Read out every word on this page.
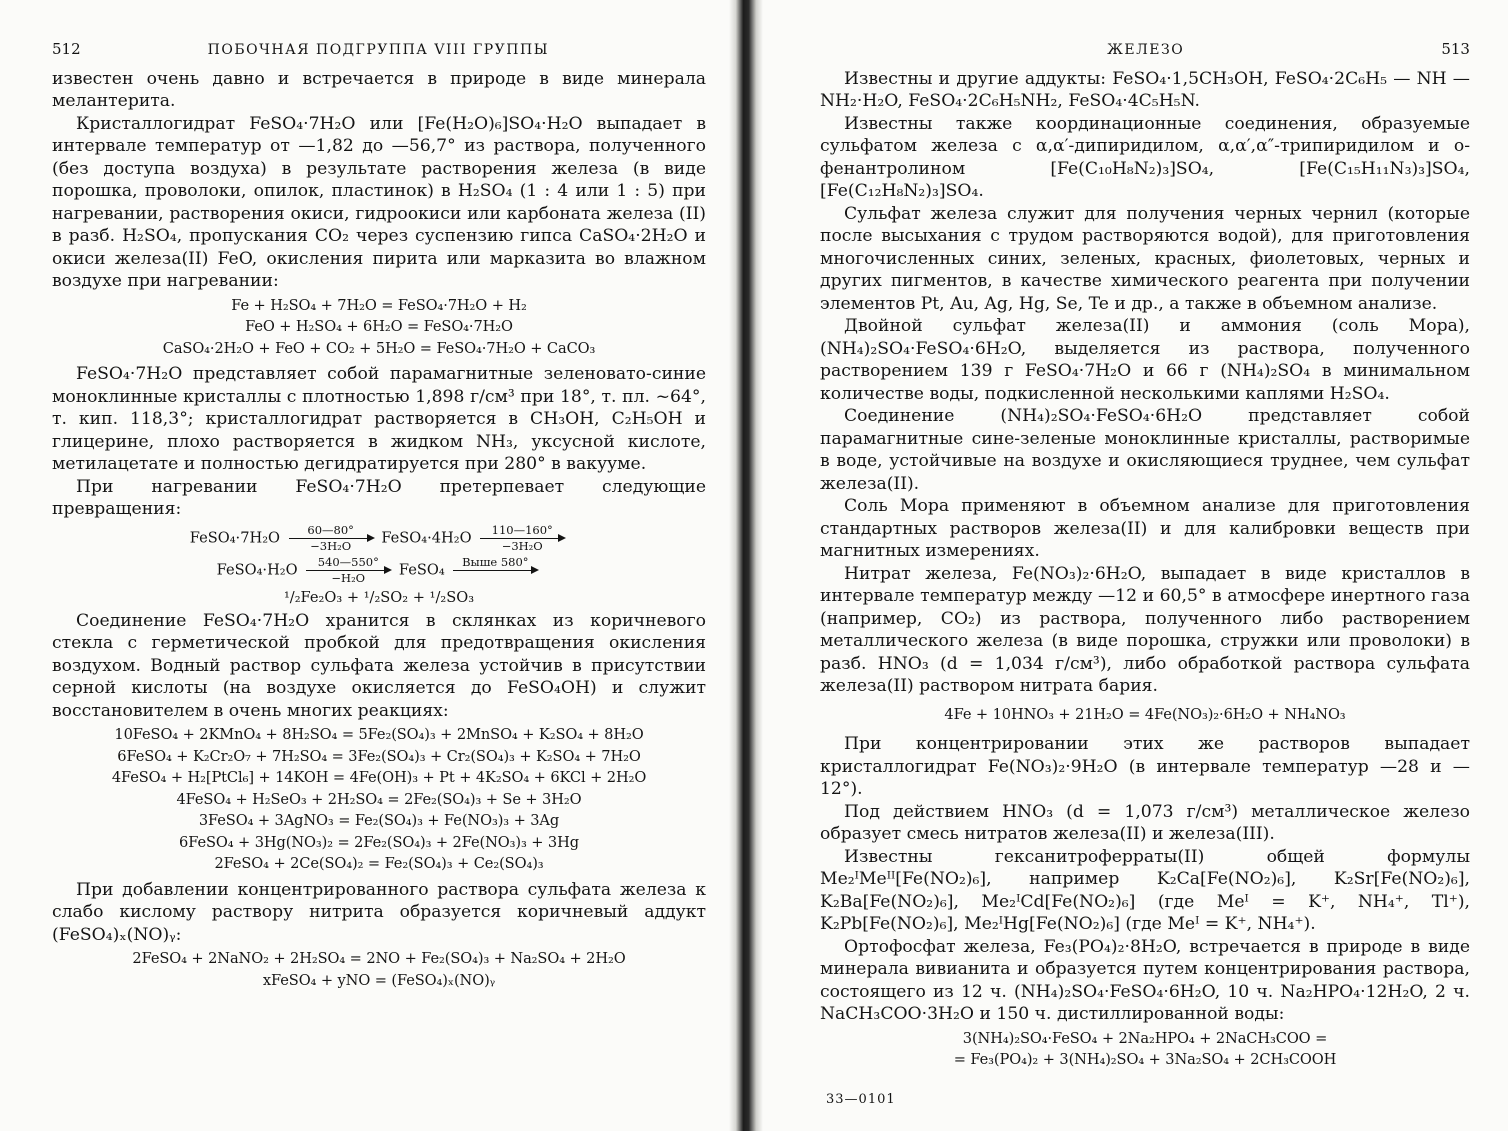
512	ПОБОЧНАЯ ПОДГРУППА VIII ГРУППЫ

известен очень давно и встречается в природе в виде минерала мелантерита.

Кристаллогидрат FeSO₄·7H₂O или [Fe(H₂O)₆]SO₄·H₂O выпадает в интервале температур от —1,82 до —56,7° из раствора, полученного (без доступа воздуха) в результате растворения железа (в виде порошка, проволоки, опилок, пластинок) в H₂SO₄ (1 : 4 или 1 : 5) при нагревании, растворения окиси, гидроокиси или карбоната железа (II) в разб. H₂SO₄, пропускания CO₂ через суспензию гипса CaSO₄·2H₂O и окиси железа(II) FeO, окисления пирита или марказита во влажном воздухе при нагревании:

Fe + H₂SO₄ + 7H₂O = FeSO₄·7H₂O + H₂
FeO + H₂SO₄ + 6H₂O = FeSO₄·7H₂O
CaSO₄·2H₂O + FeO + CO₂ + 5H₂O = FeSO₄·7H₂O + CaCO₃

FeSO₄·7H₂O представляет собой парамагнитные зеленовато-синие моноклинные кристаллы с плотностью 1,898 г/см³ при 18°, т. пл. ~64°, т. кип. 118,3°; кристаллогидрат растворяется в CH₃OH, C₂H₅OH и глицерине, плохо растворяется в жидком NH₃, уксусной кислоте, метилацетате и полностью дегидратируется при 280° в вакууме.

При нагревании FeSO₄·7H₂O претерпевает следующие превращения:

FeSO₄·7H₂O $\frac{60—80^\circ}{\text{−3H₂O}}$ FeSO₄·4H₂O $\frac{110—160^\circ}{\text{−3H₂O}}$
FeSO₄·H₂O $\frac{540—550^\circ}{\text{−H₂O}}$ FeSO₄	Выше 580°

¹/₂Fe₂O₃ + ¹/₂SO₂ + ¹/₂SO₃

Соединение FeSO₄·7H₂O хранится в склянках из коричневого стекла с герметической пробкой для предотвращения окисления воздухом. Водный раствор сульфата железа устойчив в присутствии серной кислоты (на воздухе окисляется до FeSO₄OH) и служит восстановителем в очень многих реакциях:

10FeSO₄ + 2KMnO₄ + 8H₂SO₄ = 5Fe₂(SO₄)₃ + 2MnSO₄ + K₂SO₄ + 8H₂O
6FeSO₄ + K₂Cr₂O₇ + 7H₂SO₄ = 3Fe₂(SO₄)₃ + Cr₂(SO₄)₃ + K₂SO₄ + 7H₂O
4FeSO₄ + H₂[PtCl₆] + 14KOH = 4Fe(OH)₃ + Pt + 4K₂SO₄ + 6KCl + 2H₂O
4FeSO₄ + H₂SeO₃ + 2H₂SO₄ = 2Fe₂(SO₄)₃ + Se + 3H₂O
3FeSO₄ + 3AgNO₃ = Fe₂(SO₄)₃ + Fe(NO₃)₃ + 3Ag
6FeSO₄ + 3Hg(NO₃)₂ = 2Fe₂(SO₄)₃ + 2Fe(NO₃)₃ + 3Hg
2FeSO₄ + 2Ce(SO₄)₂ = Fe₂(SO₄)₃ + Ce₂(SO₄)₃

При добавлении концентрированного раствора сульфата железа к слабо кислому раствору нитрита образуется коричневый аддукт (FeSO₄)ₓ(NO)ᵧ:

2FeSO₄ + 2NaNO₂ + 2H₂SO₄ = 2NO + Fe₂(SO₄)₃ + Na₂SO₄ + 2H₂O
xFeSO₄ + yNO = (FeSO₄)ₓ(NO)ᵧ
ЖЕЛЕЗО	513

Известны и другие аддукты: FeSO₄·1,5CH₃OH, FeSO₄·2C₆H₅ — NH — NH₂·H₂O, FeSO₄·2C₆H₅NH₂, FeSO₄·4C₅H₅N.

Известны также координационные соединения, образуемые сульфатом железа с α,α′-дипиридилом, α,α′,α″-трипиридилом и о-фенантролином [Fe(C₁₀H₈N₂)₃]SO₄, [Fe(C₁₅H₁₁N₃)₃]SO₄, [Fe(C₁₂H₈N₂)₃]SO₄.

Сульфат железа служит для получения черных чернил (которые после высыхания с трудом растворяются водой), для приготовления многочисленных синих, зеленых, красных, фиолетовых, черных и других пигментов, в качестве химического реагента при получении элементов Pt, Au, Ag, Hg, Se, Te и др., а также в объемном анализе.

Двойной сульфат железа(II) и аммония (соль Мора), (NH₄)₂SO₄·FeSO₄·6H₂O, выделяется из раствора, полученного растворением 139 г FeSO₄·7H₂O и 66 г (NH₄)₂SO₄ в минимальном количестве воды, подкисленной несколькими каплями H₂SO₄.

Соединение (NH₄)₂SO₄·FeSO₄·6H₂O представляет собой парамагнитные сине-зеленые моноклинные кристаллы, растворимые в воде, устойчивые на воздухе и окисляющиеся труднее, чем сульфат железа(II).

Соль Мора применяют в объемном анализе для приготовления стандартных растворов железа(II) и для калибровки веществ при магнитных измерениях.

Нитрат железа, Fe(NO₃)₂·6H₂O, выпадает в виде кристаллов в интервале температур между —12 и 60,5° в атмосфере инертного газа (например, CO₂) из раствора, полученного либо растворением металлического железа (в виде порошка, стружки или проволоки) в разб. HNO₃ (d = 1,034 г/см³), либо обработкой раствора сульфата железа(II) раствором нитрата бария.

4Fe + 10HNO₃ + 21H₂O = 4Fe(NO₃)₂·6H₂O + NH₄NO₃

При концентрировании этих же растворов выпадает кристаллогидрат Fe(NO₃)₂·9H₂O (в интервале температур —28 и —12°).

Под действием HNO₃ (d = 1,073 г/см³) металлическое железо образует смесь нитратов железа(II) и железа(III).

Известны гексанитроферраты(II) общей формулы Me₂ᴵMeᴵᴵ[Fe(NO₂)₆], например K₂Ca[Fe(NO₂)₆], K₂Sr[Fe(NO₂)₆], K₂Ba[Fe(NO₂)₆], Me₂ᴵCd[Fe(NO₂)₆] (где Meᴵ = K⁺, NH₄⁺, Tl⁺), K₂Pb[Fe(NO₂)₆], Me₂ᴵHg[Fe(NO₂)₆] (где Meᴵ = K⁺, NH₄⁺).

Ортофосфат железа, Fe₃(PO₄)₂·8H₂O, встречается в природе в виде минерала вивианита и образуется путем концентрирования раствора, состоящего из 12 ч. (NH₄)₂SO₄·FeSO₄·6H₂O, 10 ч. Na₂HPO₄·12H₂O, 2 ч. NaCH₃COO·3H₂O и 150 ч. дистиллированной воды:

3(NH₄)₂SO₄·FeSO₄ + 2Na₂HPO₄ + 2NaCH₃COO =
= Fe₃(PO₄)₂ + 3(NH₄)₂SO₄ + 3Na₂SO₄ + 2CH₃COOH
33—0101
